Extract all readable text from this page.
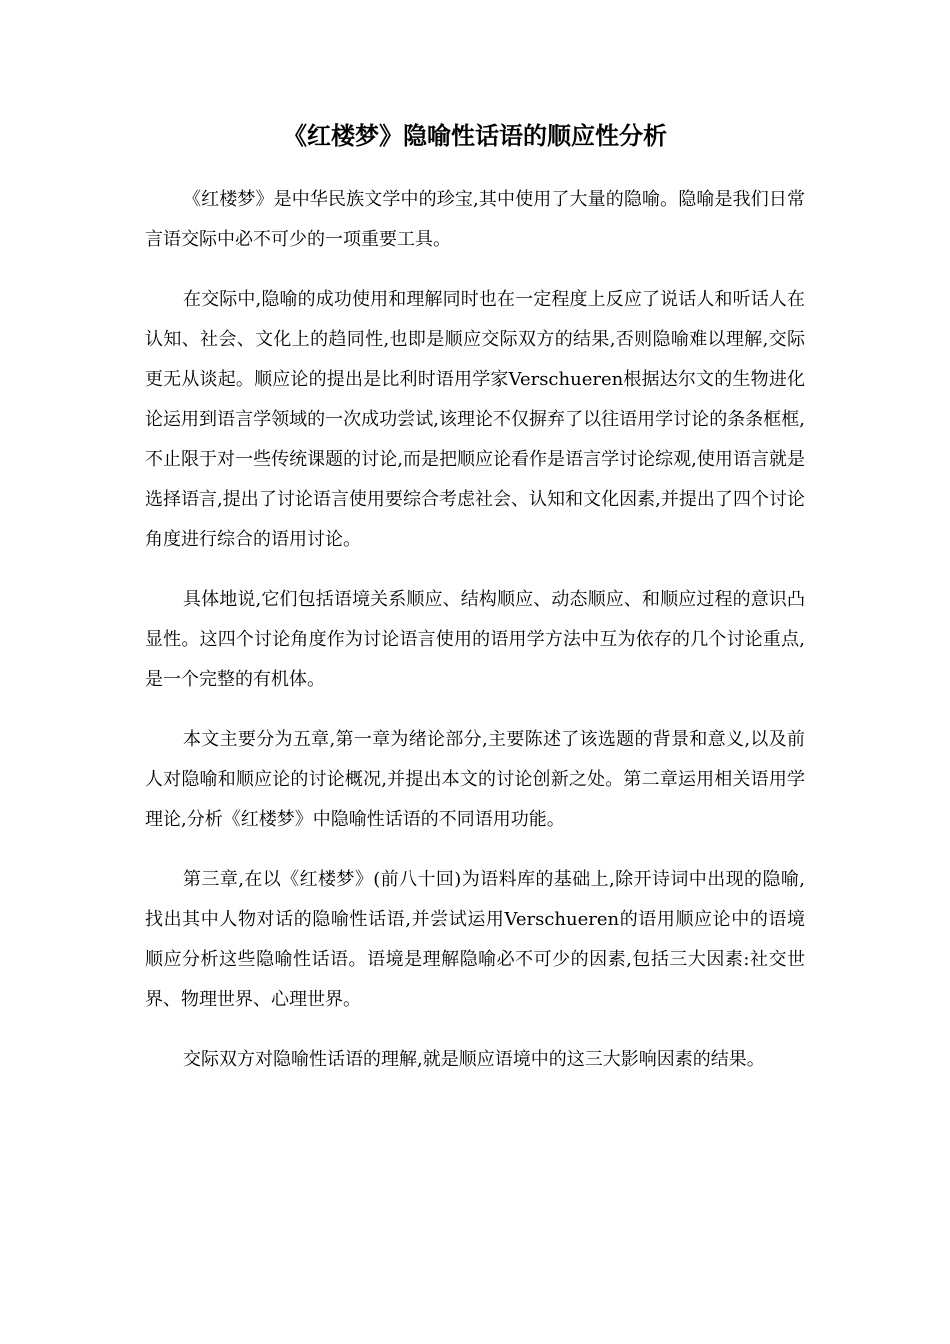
《红楼梦》隐喻性话语的顺应性分析

《红楼梦》是中华民族文学中的珍宝,其中使用了大量的隐喻。隐喻是我们日常言语交际中必不可少的一项重要工具。

在交际中,隐喻的成功使用和理解同时也在一定程度上反应了说话人和听话人在认知、社会、文化上的趋同性,也即是顺应交际双方的结果,否则隐喻难以理解,交际更无从谈起。顺应论的提出是比利时语用学家Verschueren根据达尔文的生物进化论运用到语言学领域的一次成功尝试,该理论不仅摒弃了以往语用学讨论的条条框框,不止限于对一些传统课题的讨论,而是把顺应论看作是语言学讨论综观,使用语言就是选择语言,提出了讨论语言使用要综合考虑社会、认知和文化因素,并提出了四个讨论角度进行综合的语用讨论。

具体地说,它们包括语境关系顺应、结构顺应、动态顺应、和顺应过程的意识凸显性。这四个讨论角度作为讨论语言使用的语用学方法中互为依存的几个讨论重点,是一个完整的有机体。

本文主要分为五章,第一章为绪论部分,主要陈述了该选题的背景和意义,以及前人对隐喻和顺应论的讨论概况,并提出本文的讨论创新之处。第二章运用相关语用学理论,分析《红楼梦》中隐喻性话语的不同语用功能。

第三章,在以《红楼梦》(前八十回)为语料库的基础上,除开诗词中出现的隐喻,找出其中人物对话的隐喻性话语,并尝试运用Verschueren的语用顺应论中的语境顺应分析这些隐喻性话语。语境是理解隐喻必不可少的因素,包括三大因素:社交世界、物理世界、心理世界。

交际双方对隐喻性话语的理解,就是顺应语境中的这三大影响因素的结果。
